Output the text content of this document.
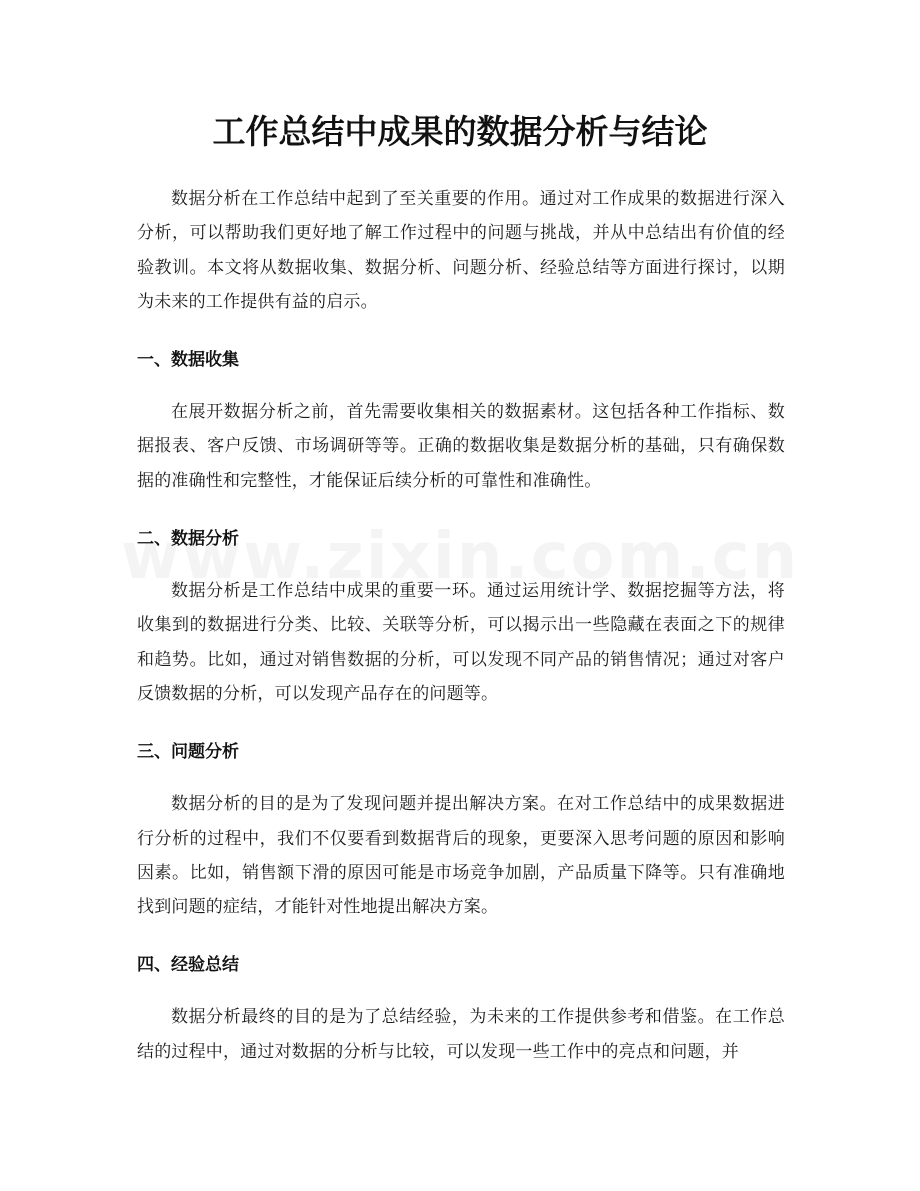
工作总结中成果的数据分析与结论

数据分析在工作总结中起到了至关重要的作用。通过对工作成果的数据进行深入分析，可以帮助我们更好地了解工作过程中的问题与挑战，并从中总结出有价值的经验教训。本文将从数据收集、数据分析、问题分析、经验总结等方面进行探讨，以期为未来的工作提供有益的启示。

一、数据收集

在展开数据分析之前，首先需要收集相关的数据素材。这包括各种工作指标、数据报表、客户反馈、市场调研等等。正确的数据收集是数据分析的基础，只有确保数据的准确性和完整性，才能保证后续分析的可靠性和准确性。

二、数据分析

数据分析是工作总结中成果的重要一环。通过运用统计学、数据挖掘等方法，将收集到的数据进行分类、比较、关联等分析，可以揭示出一些隐藏在表面之下的规律和趋势。比如，通过对销售数据的分析，可以发现不同产品的销售情况；通过对客户反馈数据的分析，可以发现产品存在的问题等。

三、问题分析

数据分析的目的是为了发现问题并提出解决方案。在对工作总结中的成果数据进行分析的过程中，我们不仅要看到数据背后的现象，更要深入思考问题的原因和影响因素。比如，销售额下滑的原因可能是市场竞争加剧，产品质量下降等。只有准确地找到问题的症结，才能针对性地提出解决方案。

四、经验总结

数据分析最终的目的是为了总结经验，为未来的工作提供参考和借鉴。在工作总结的过程中，通过对数据的分析与比较，可以发现一些工作中的亮点和问题，并
